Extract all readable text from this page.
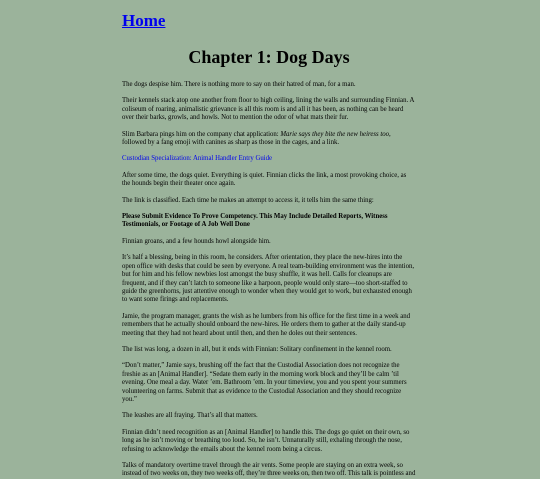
Home
Chapter 1: Dog Days

The dogs despise him. There is nothing more to say on their hatred of man, for a man.

Their kennels stack atop one another from floor to high ceiling, lining the walls and surrounding Finnian. A coliseum of roaring, animalistic grievance is all this room is and all it has been, as nothing can be heard over their barks, growls, and howls. Not to mention the odor of what mats their fur.

Slim Barbara pings him on the company chat application: Marie says they bite the new heiress too, followed by a fang emoji with canines as sharp as those in the cages, and a link.

Custodian Specialization: Animal Handler Entry Guide

After some time, the dogs quiet. Everything is quiet. Finnian clicks the link, a most provoking choice, as the hounds begin their theater once again.

The link is classified. Each time he makes an attempt to access it, it tells him the same thing:

Please Submit Evidence To Prove Competency. This May Include Detailed Reports, Witness Testimonials, or Footage of A Job Well Done

Finnian groans, and a few hounds howl alongside him.

It’s half a blessing, being in this room, he considers. After orientation, they place the new-hires into the open office with desks that could be seen by everyone. A real team-building environment was the intention, but for him and his fellow newbies lost amongst the busy shuffle, it was hell. Calls for cleanups are frequent, and if they can’t latch to someone like a harpoon, people would only stare—too short-staffed to guide the greenhorns, just attentive enough to wonder when they would get to work, but exhausted enough to want some firings and replacements.

Jamie, the program manager, grants the wish as he lumbers from his office for the first time in a week and remembers that he actually should onboard the new-hires. He orders them to gather at the daily stand-up meeting that they had not heard about until then, and then he doles out their sentences.

The list was long, a dozen in all, but it ends with Finnian: Solitary confinement in the kennel room.

“Don’t matter,” Jamie says, brushing off the fact that the Custodial Association does not recognize the freshie as an [Animal Handler]. “Sedate them early in the morning work block and they’ll be calm ’til evening. One meal a day. Water ’em. Bathroom ’em. In your timeview, you and you spent your summers volunteering on farms. Submit that as evidence to the Custodial Association and they should recognize you.”

The leashes are all fraying. That’s all that matters.

Finnian didn’t need recognition as an [Animal Handler] to handle this. The dogs go quiet on their own, so long as he isn’t moving or breathing too loud. So, he isn’t. Unnaturally still, exhaling through the nose, refusing to acknowledge the emails about the kennel room being a circus.

Talks of mandatory overtime travel through the air vents. Some people are staying on an extra week, so instead of two weeks on, they two weeks off, they’re three weeks on, then two off. This talk is pointless and
